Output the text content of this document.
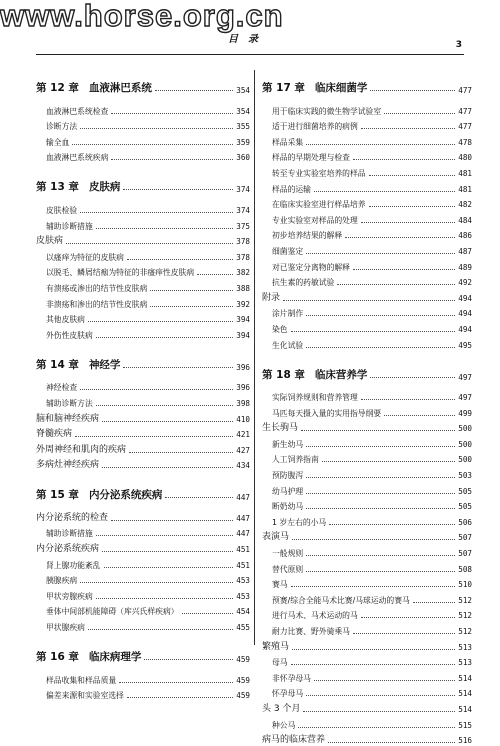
www.horse.org.cn
目　录	3
第 12 章 血液淋巴系统	354
血液淋巴系统检查	354
诊断方法	355
输全血	359
血液淋巴系统疾病	360
第 13 章 皮肤病	374
皮肤检验	374
辅助诊断措施	375
皮肤病	378
以瘙痒为特征的皮肤病	378
以脱毛、鳞屑结痂为特征的非瘙痒性皮肤病	382
有溃疡或渗出的结节性皮肤病	388
非溃疡和渗出的结节性皮肤病	392
其他皮肤病	394
外伤性皮肤病	394
第 14 章 神经学	396
神经检查	396
辅助诊断方法	398
脑和脑神经疾病	410
脊髓疾病	421
外周神经和肌肉的疾病	427
多病灶神经疾病	434
第 15 章 内分泌系统疾病	447
内分泌系统的检查	447
辅助诊断措施	447
内分泌系统疾病	451
肾上腺功能紊乱	451
胰腺疾病	453
甲状旁腺疾病	453
垂体中间部机能障碍（库兴氏样疾病）	454
甲状腺疾病	455
第 16 章 临床病理学	459
样品收集和样品质量	459
偏差来源和实验室选择	459
第 17 章 临床细菌学	477
用于临床实践的微生物学试验室	477
适于进行细菌培养的病例	477
样品采集	478
样品的早期处理与检查	480
转至专业实验室培养的样品	481
样品的运输	481
在临床实验室进行样品培养	482
专业实验室对样品的处理	484
初步培养结果的解释	486
细菌鉴定	487
对已鉴定分离物的解释	489
抗生素的药敏试验	492
附录	494
涂片制作	494
染色	494
生化试验	495
第 18 章 临床营养学	497
实际饲养规则和营养管理	497
马匹每天摄入量的实用指导纲要	499
生长驹马	500
新生幼马	500
人工饲养指南	500
预防腹泻	503
幼马护理	505
断奶幼马	505
1 岁左右的小马	506
表演马	507
一般规则	507
替代原则	508
赛马	510
预赛/综合全能马术比赛/马球运动的赛马	512
进行马术、马术运动的马	512
耐力比赛、野外骑乘马	512
繁殖马	513
母马	513
非怀孕母马	514
怀孕母马	514
头 3 个月	514
种公马	515
病马的临床营养	516
